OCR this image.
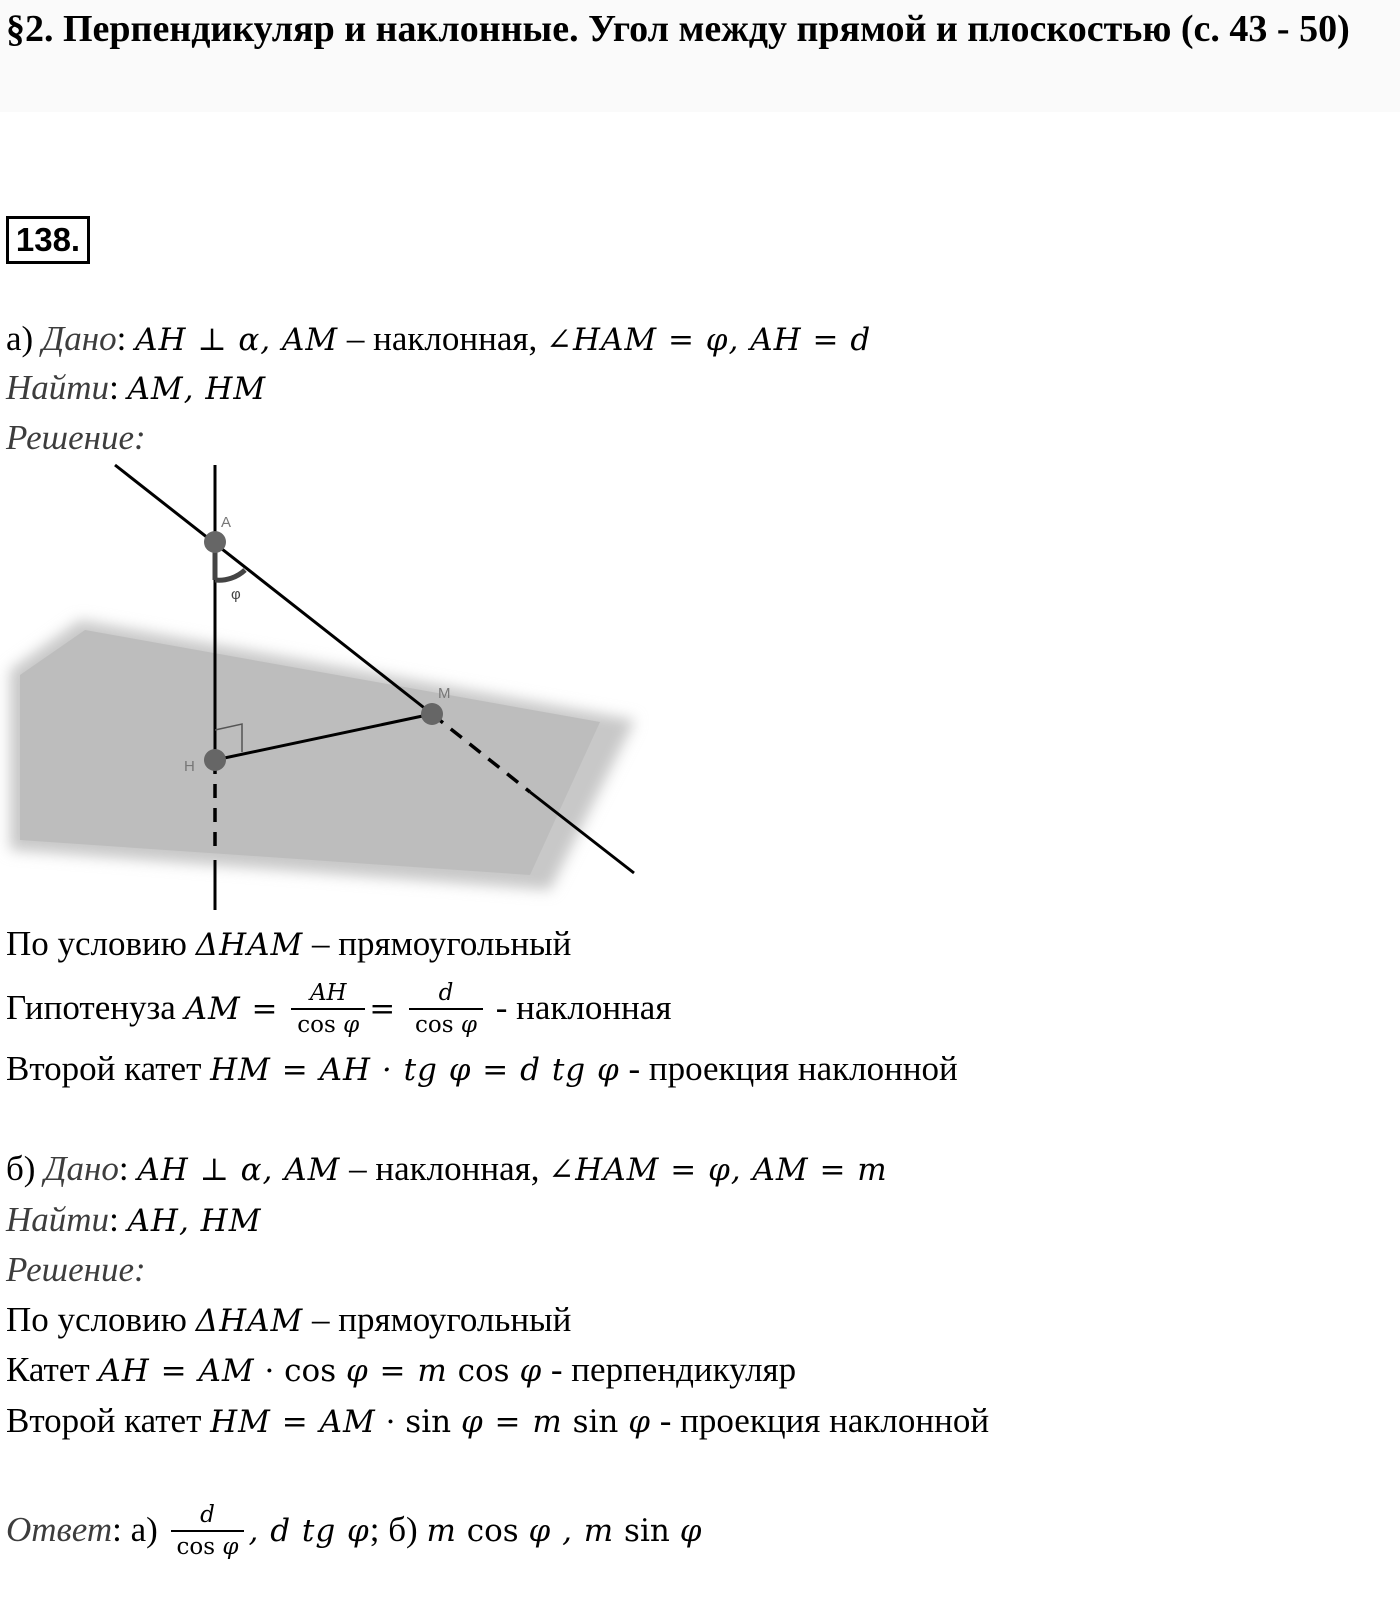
§2. Перпендикуляр и наклонные. Угол между прямой и плоскостью (с. 43 - 50)
138.
а) Дано: AH ⊥ α, AM – наклонная, ∠HAM = φ, AH = d
Найти: AM, HM
Решение:
A
M
H
φ
По условию ΔHAM – прямоугольный
Гипотенуза AM = $\frac{AH}{\text{cos φ}} = \frac{d}{\text{cos φ}}$ - наклонная
Второй катет HM = AH · tg φ = d tg φ - проекция наклонной
б) Дано: AH ⊥ α, AM – наклонная, ∠HAM = φ, AM = m
Найти: AH, HM
Решение:
По условию ΔHAM – прямоугольный
Катет AH = AM · cos φ = m cos φ - перпендикуляр
Второй катет HM = AM · sin φ = m sin φ - проекция наклонной
Ответ: $а) \frac{d}{\text{cos φ}}$ , d tg φ; б) m cos φ , m sin φ
